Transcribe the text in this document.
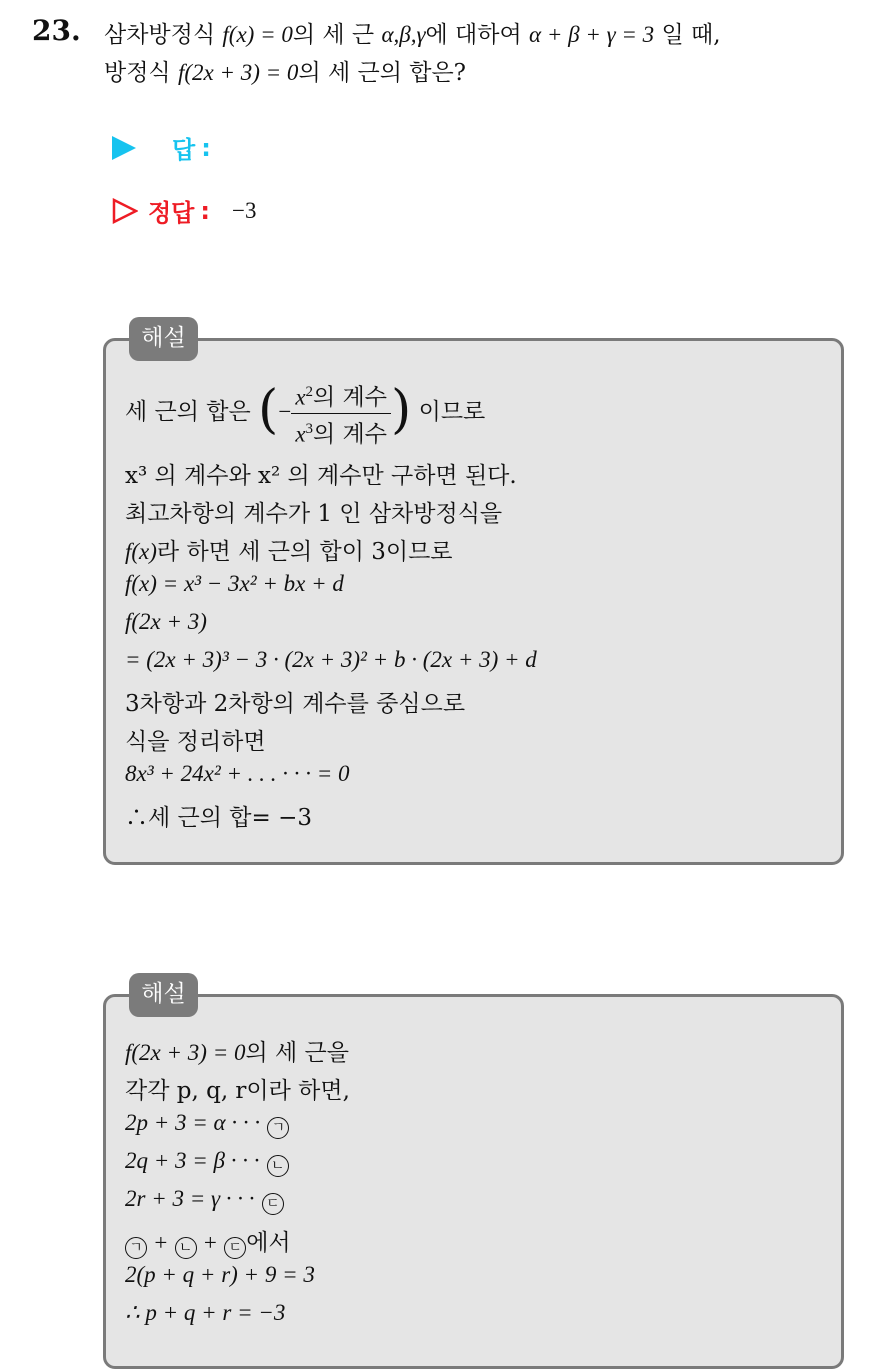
23. 삼차방정식 f(x) = 0의 세 근 α,β,γ에 대하여 α + β + γ = 3 일 때,
방정식 f(2x + 3) = 0의 세 근의 합은?
답 :
정답 : −3
해설
세 근의 합은 (− $\frac{x^2의 계수}{x^3의 계수}$ ) 이므로
x³ 의 계수와 x² 의 계수만 구하면 된다.
최고차항의 계수가 1 인 삼차방정식을
f(x)라 하면 세 근의 합이 3이므로
f(x) = x³ − 3x² + bx + d
f(2x + 3)
= (2x + 3)³ − 3 · (2x + 3)² + b · (2x + 3) + d
3차항과 2차항의 계수를 중심으로
식을 정리하면
8x³ + 24x² + . . . · · · = 0
∴세 근의 합= −3
해설
f(2x + 3) = 0의 세 근을
각각 p, q, r이라 하면,
2p + 3 = α · · · ㄱ
2q + 3 = β · · · ㄴ
2r + 3 = γ · · · ㄷ
ㄱ + ㄴ + ㄷ 에서
2(p + q + r) + 9 = 3
∴ p + q + r = −3
